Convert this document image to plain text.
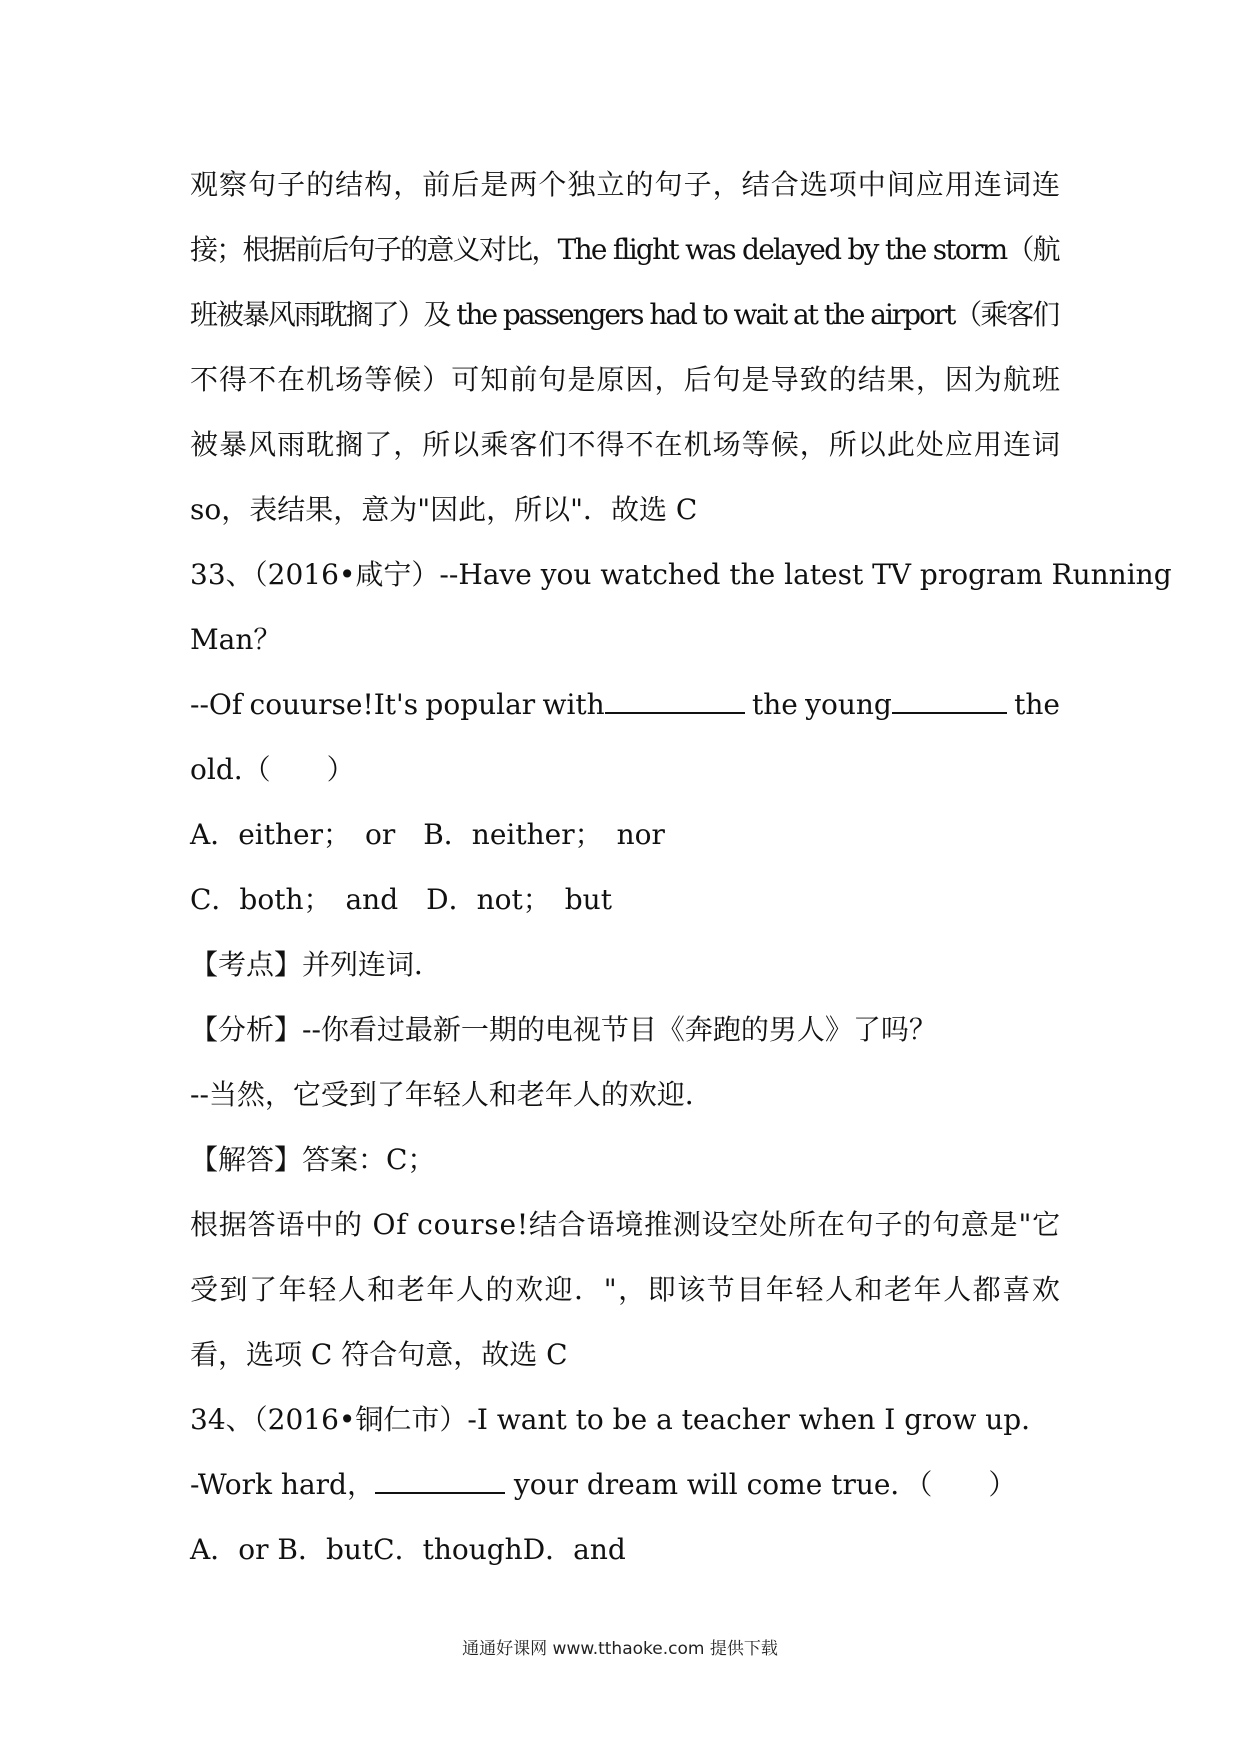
观察句子的结构，前后是两个独立的句子，结合选项中间应用连词连
接；根据前后句子的意义对比，The flight was delayed by the storm（航
班被暴风雨耽搁了）及 the passengers had to wait at the airport（乘客们
不得不在机场等候）可知前句是原因，后句是导致的结果，因为航班
被暴风雨耽搁了，所以乘客们不得不在机场等候，所以此处应用连词
so，表结果，意为"因此，所以"．故选 C
33、（2016•咸宁）--Have you watched the latest TV program Running
Man？
--Of couurse!It's popular with	the young	the
old.（　　）
A．either；　or B．neither；　nor
C．both；　and D．not；　but
【考点】并列连词．
【分析】--你看过最新一期的电视节目《奔跑的男人》了吗？
--当然，它受到了年轻人和老年人的欢迎．
【解答】答案：C；
根据答语中的 Of course!结合语境推测设空处所在句子的句意是"它
受到了年轻人和老年人的欢迎．"，即该节目年轻人和老年人都喜欢
看，选项 C 符合句意，故选 C
34、（2016•铜仁市）-I want to be a teacher when I grow up．
-Work hard，	your dream will come true．（　　）
A．or B．butC．thoughD．and
通通好课网 www.tthaoke.com 提供下载
